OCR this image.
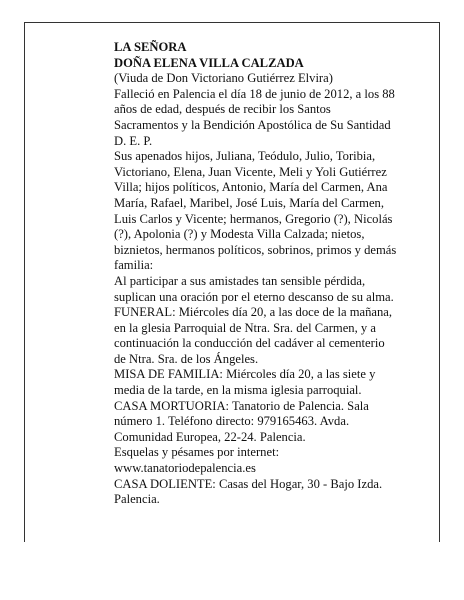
LA SEÑORA
DOÑA ELENA VILLA CALZADA
(Viuda de Don Victoriano Gutiérrez Elvira)
Falleció en Palencia el día 18 de junio de 2012, a los 88
años de edad, después de recibir los Santos
Sacramentos y la Bendición Apostólica de Su Santidad
D. E. P.
Sus apenados hijos, Juliana, Teódulo, Julio, Toribia,
Victoriano, Elena, Juan Vicente, Meli y Yoli Gutiérrez
Villa; hijos políticos, Antonio, María del Carmen, Ana
María, Rafael, Maribel, José Luis, María del Carmen,
Luis Carlos y Vicente; hermanos, Gregorio (?), Nicolás
(?), Apolonia (?) y Modesta Villa Calzada; nietos,
biznietos, hermanos políticos, sobrinos, primos y demás
familia:
Al participar a sus amistades tan sensible pérdida,
suplican una oración por el eterno descanso de su alma.
FUNERAL: Miércoles día 20, a las doce de la mañana,
en la glesia Parroquial de Ntra. Sra. del Carmen, y a
continuación la conducción del cadáver al cementerio
de Ntra. Sra. de los Ángeles.
MISA DE FAMILIA: Miércoles día 20, a las siete y
media de la tarde, en la misma iglesia parroquial.
CASA MORTUORIA: Tanatorio de Palencia. Sala
número 1. Teléfono directo: 979165463. Avda.
Comunidad Europea, 22-24. Palencia.
Esquelas y pésames por internet:
www.tanatoriodepalencia.es
CASA DOLIENTE: Casas del Hogar, 30 - Bajo Izda.
Palencia.
